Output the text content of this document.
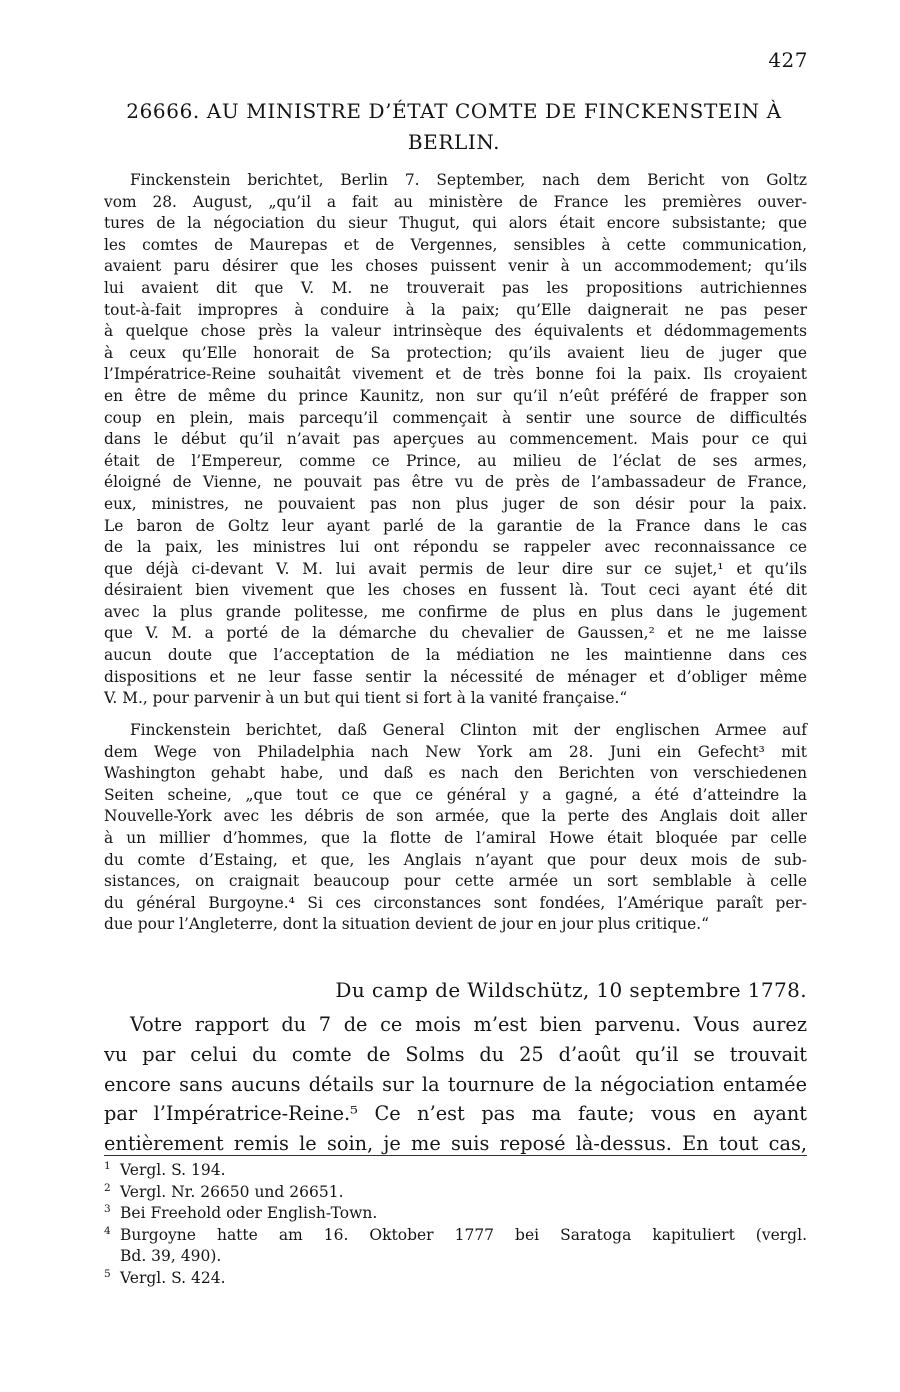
427
26666. AU MINISTRE D’ÉTAT COMTE DE FINCKENSTEIN À BERLIN.
Finckenstein berichtet, Berlin 7. September, nach dem Bericht von Goltz
vom 28. August, „qu’il a fait au ministère de France les premières ouver-
tures de la négociation du sieur Thugut, qui alors était encore subsistante; que
les comtes de Maurepas et de Vergennes, sensibles à cette communication,
avaient paru désirer que les choses puissent venir à un accommodement; qu’ils
lui avaient dit que V. M. ne trouverait pas les propositions autrichiennes
tout-à-fait impropres à conduire à la paix; qu’Elle daignerait ne pas peser
à quelque chose près la valeur intrinsèque des équivalents et dédommagements
à ceux qu’Elle honorait de Sa protection; qu’ils avaient lieu de juger que
l’Impératrice-Reine souhaitât vivement et de très bonne foi la paix. Ils croyaient
en être de même du prince Kaunitz, non sur qu’il n’eût préféré de frapper son
coup en plein, mais parcequ’il commençait à sentir une source de difficultés
dans le début qu’il n’avait pas aperçues au commencement. Mais pour ce qui
était de l’Empereur, comme ce Prince, au milieu de l’éclat de ses armes,
éloigné de Vienne, ne pouvait pas être vu de près de l’ambassadeur de France,
eux, ministres, ne pouvaient pas non plus juger de son désir pour la paix.
Le baron de Goltz leur ayant parlé de la garantie de la France dans le cas
de la paix, les ministres lui ont répondu se rappeler avec reconnaissance ce
que déjà ci-devant V. M. lui avait permis de leur dire sur ce sujet,¹ et qu’ils
désiraient bien vivement que les choses en fussent là. Tout ceci ayant été dit
avec la plus grande politesse, me confirme de plus en plus dans le jugement
que V. M. a porté de la démarche du chevalier de Gaussen,² et ne me laisse
aucun doute que l’acceptation de la médiation ne les maintienne dans ces
dispositions et ne leur fasse sentir la nécessité de ménager et d’obliger même
V. M., pour parvenir à un but qui tient si fort à la vanité française.“
Finckenstein berichtet, daß General Clinton mit der englischen Armee auf
dem Wege von Philadelphia nach New York am 28. Juni ein Gefecht³ mit
Washington gehabt habe, und daß es nach den Berichten von verschiedenen
Seiten scheine, „que tout ce que ce général y a gagné, a été d’atteindre la
Nouvelle-York avec les débris de son armée, que la perte des Anglais doit aller
à un millier d’hommes, que la flotte de l’amiral Howe était bloquée par celle
du comte d’Estaing, et que, les Anglais n’ayant que pour deux mois de sub-
sistances, on craignait beaucoup pour cette armée un sort semblable à celle
du général Burgoyne.⁴ Si ces circonstances sont fondées, l’Amérique paraît per-
due pour l’Angleterre, dont la situation devient de jour en jour plus critique.“

Du camp de Wildschütz, 10 septembre 1778.

Votre rapport du 7 de ce mois m’est bien parvenu. Vous aurez
vu par celui du comte de Solms du 25 d’août qu’il se trouvait
encore sans aucuns détails sur la tournure de la négociation entamée
par l’Impératrice-Reine.⁵ Ce n’est pas ma faute; vous en ayant
entièrement remis le soin, je me suis reposé là-dessus. En tout cas,
1 Vergl. S. 194.
2 Vergl. Nr. 26650 und 26651.
3 Bei Freehold oder English-Town.
4 Burgoyne hatte am 16. Oktober 1777 bei Saratoga kapituliert (vergl.
Bd. 39, 490).
5 Vergl. S. 424.
